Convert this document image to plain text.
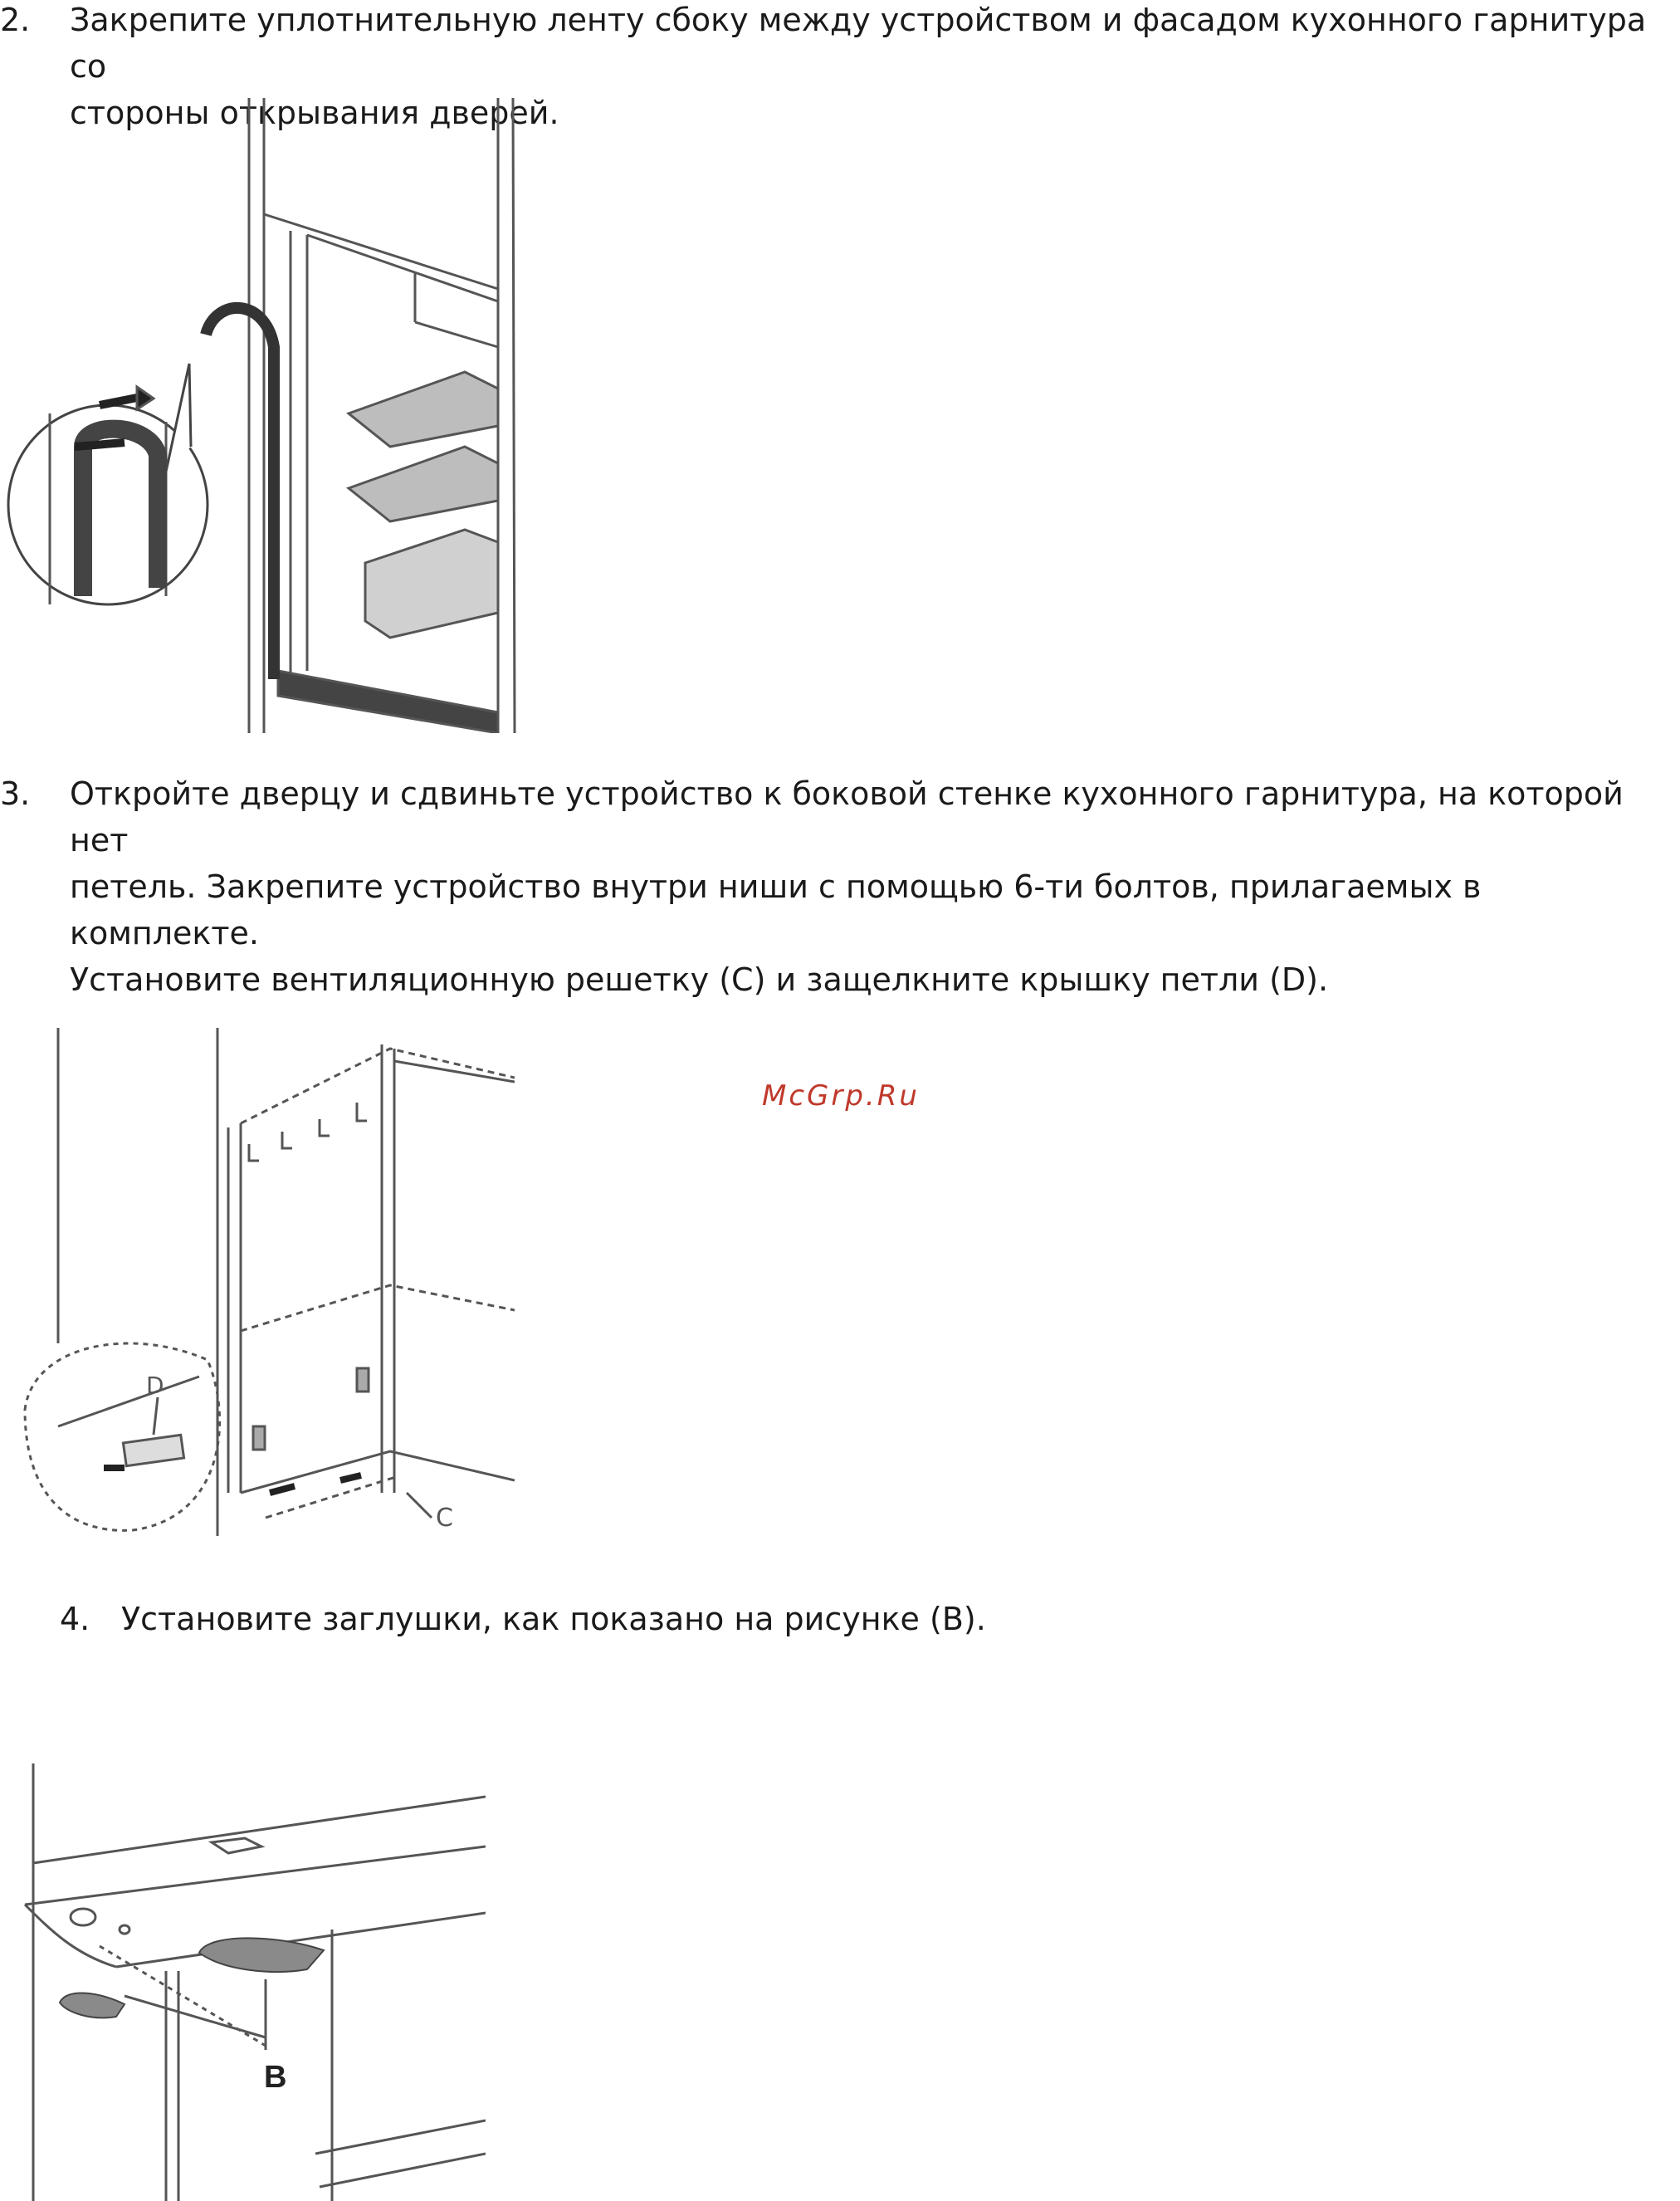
2. Закрепите уплотнительную ленту сбоку между устройством и фасадом кухонного гарнитура со
стороны открывания дверей.
3. Откройте дверцу и сдвиньте устройство к боковой стенке кухонного гарнитура, на которой нет
петель. Закрепите устройство внутри ниши с помощью 6-ти болтов, прилагаемых в комплекте.
Установите вентиляционную решетку (C) и защелкните крышку петли (D).
D
C
McGrp.Ru
4. Установите заглушки, как показано на рисунке (B).
B
